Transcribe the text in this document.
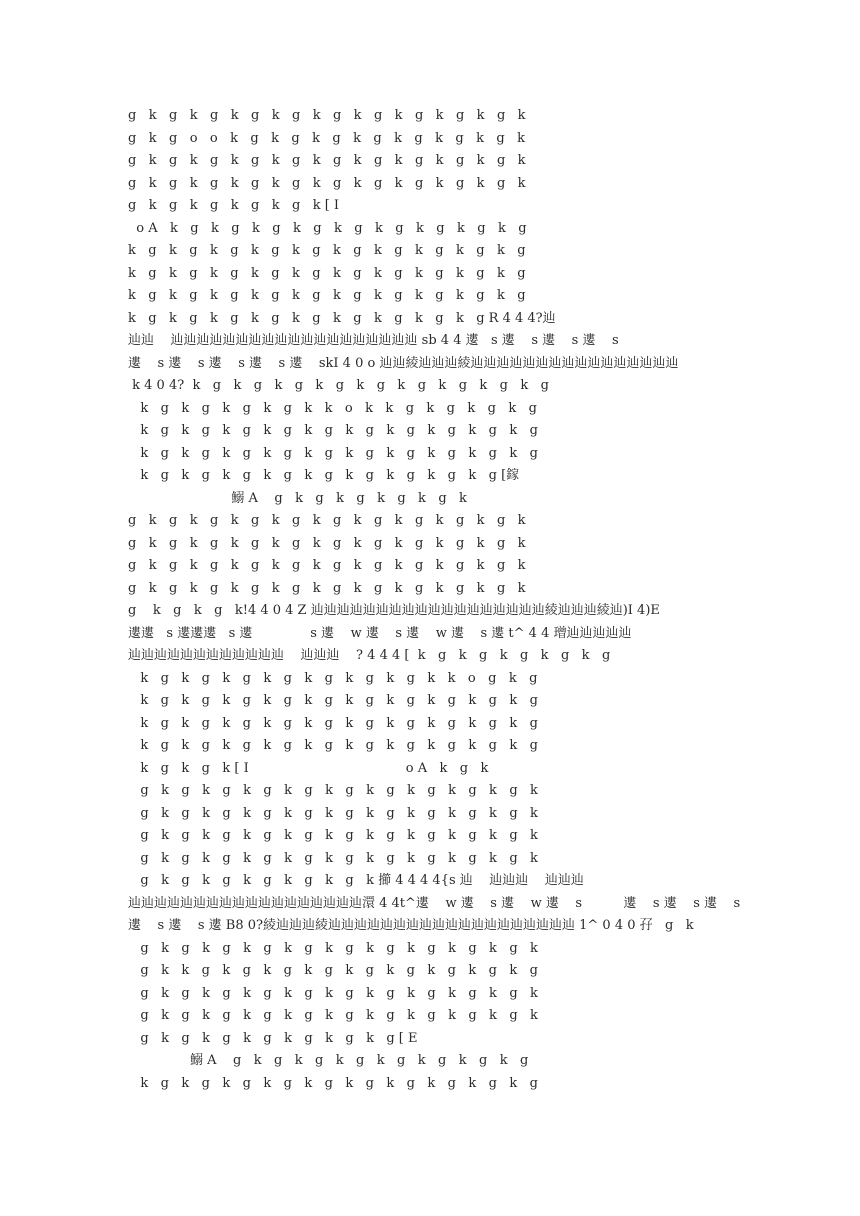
g   k   g   k   g   k   g   k   g   k   g   k   g   k   g   k   g   k   g   k
g   k   g   o   o   k   g   k   g   k   g   k   g   k   g   k   g   k   g   k
g   k   g   k   g   k   g   k   g   k   g   k   g   k   g   k   g   k   g   k
g   k   g   k   g   k   g   k   g   k   g   k   g   k   g   k   g   k   g   k
g   k   g   k   g   k   g   k   g   k [ I
o A   k   g   k   g   k   g   k   g   k   g   k   g   k   g   k   g   k   g
k   g   k   g   k   g   k   g   k   g   k   g   k   g   k   g   k   g   k   g
k   g   k   g   k   g   k   g   k   g   k   g   k   g   k   g   k   g   k   g
k   g   k   g   k   g   k   g   k   g   k   g   k   g   k   g   k   g   k   g
k   g   k   g   k   g   k   g   k   g   k   g   k   g   k   g   k   g R 4 4 4?辿
辿辿    辿辿辿辿辿辿辿辿辿辿辿辿辿辿辿辿辿辿辿 sb 4 4 遱   s 遱    s 遱    s 遱    s
遱    s 遱    s 遱    s 遱    s 遱    skI 4 0 o 辿辿綾辿辿辿綾辿辿辿辿辿辿辿辿辿辿辿辿辿辿辿辿
k 4 0 4?  k   g   k   g   k   g   k   g   k   g   k   g   k   g   k   g   k   g
k   g   k   g   k   g   k   g   k   k   o   k   k   g   k   g   k   g   k   g
k   g   k   g   k   g   k   g   k   g   k   g   k   g   k   g   k   g   k   g
k   g   k   g   k   g   k   g   k   g   k   g   k   g   k   g   k   g   k   g
k   g   k   g   k   g   k   g   k   g   k   g   k   g   k   g   k   g [鎵
鰯 A    g   k   g   k   g   k   g   k   g   k
g   k   g   k   g   k   g   k   g   k   g   k   g   k   g   k   g   k   g   k
g   k   g   k   g   k   g   k   g   k   g   k   g   k   g   k   g   k   g   k
g   k   g   k   g   k   g   k   g   k   g   k   g   k   g   k   g   k   g   k
g   k   g   k   g   k   g   k   g   k   g   k   g   k   g   k   g   k   g   k
g    k   g   k   g   k!4 4 0 4 Z 辿辿辿辿辿辿辿辿辿辿辿辿辿辿辿辿辿辿綾辿辿辿綾辿)I 4)E
遱遱   s 遱遱遱   s 遱              s 遱    w 遱    s 遱    w 遱    s 遱 t^ 4 4 璔辿辿辿辿辿
辿辿辿辿辿辿辿辿辿辿辿辿    辿辿辿    ? 4 4 4 [  k   g   k   g   k   g   k   g   k   g
k   g   k   g   k   g   k   g   k   g   k   g   k   g   k   k   o   g   k   g
k   g   k   g   k   g   k   g   k   g   k   g   k   g   k   g   k   g   k   g
k   g   k   g   k   g   k   g   k   g   k   g   k   g   k   g   k   g   k   g
k   g   k   g   k   g   k   g   k   g   k   g   k   g   k   g   k   g   k   g
k   g   k   g   k [ I                                      o A   k   g   k
g   k   g   k   g   k   g   k   g   k   g   k   g   k   g   k   g   k   g   k
g   k   g   k   g   k   g   k   g   k   g   k   g   k   g   k   g   k   g   k
g   k   g   k   g   k   g   k   g   k   g   k   g   k   g   k   g   k   g   k
g   k   g   k   g   k   g   k   g   k   g   k   g   k   g   k   g   k   g   k
g   k   g   k   g   k   g   k   g   k   g   k 擳 4 4 4 4{s 辿    辿辿辿    辿辿辿
辿辿辿辿辿辿辿辿辿辿辿辿辿辿辿辿辿辿澴 4 4t^遱    w 遱    s 遱    w 遱    s          遱    s 遱    s 遱    s
遱    s 遱    s 遱 B8 0?綾辿辿辿綾辿辿辿辿辿辿辿辿辿辿辿辿辿辿辿辿辿辿辿 1^ 0 4 0 孖   g   k
g   k   g   k   g   k   g   k   g   k   g   k   g   k   g   k   g   k   g   k
g   k   k   g   k   g   k   g   k   g   k   g   k   g   k   g   k   g   k   g
g   k   g   k   g   k   g   k   g   k   g   k   g   k   g   k   g   k   g   k
g   k   g   k   g   k   g   k   g   k   g   k   g   k   g   k   g   k   g   k
g   k   g   k   g   k   g   k   g   k   g   k   g [ E
鰯 A    g   k   g   k   g   k   g   k   g   k   g   k   g   k   g
k   g   k   g   k   g   k   g   k   g   k   g   k   g   k   g   k   g   k   g
